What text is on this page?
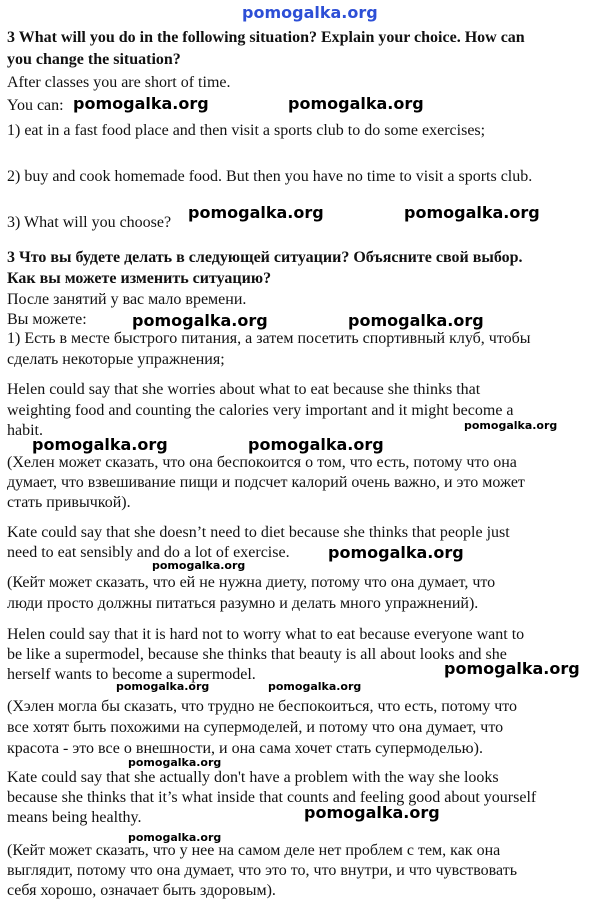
pomogalka.org
pomogalka.org	pomogalka.org
pomogalka.org	pomogalka.org
pomogalka.org	pomogalka.org
pomogalka.org
pomogalka.org	pomogalka.org
pomogalka.org
pomogalka.org
pomogalka.org
pomogalka.org	pomogalka.org
pomogalka.org
pomogalka.org
pomogalka.org
3 What will you do in the following situation? Explain your choice. How can
you change the situation?
After classes you are short of time.
You can:
1) eat in a fast food place and then visit a sports club to do some exercises;
2) buy and cook homemade food. But then you have no time to visit a sports club.
3) What will you choose?
3 Что вы будете делать в следующей ситуации? Объясните свой выбор.
Как вы можете изменить ситуацию?
После занятий у вас мало времени.
Вы можете:
1) Есть в месте быстрого питания, а затем посетить спортивный клуб, чтобы
сделать некоторые упражнения;
Helen could say that she worries about what to eat because she thinks that
weighting food and counting the calories very important and it might become a
habit.
(Хелен может сказать, что она беспокоится о том, что есть, потому что она
думает, что взвешивание пищи и подсчет калорий очень важно, и это может
стать привычкой).
Kate could say that she doesn’t need to diet because she thinks that people just
need to eat sensibly and do a lot of exercise.
(Кейт может сказать, что ей не нужна диету, потому что она думает, что
люди просто должны питаться разумно и делать много упражнений).
Helen could say that it is hard not to worry what to eat because everyone want to
be like a supermodel, because she thinks that beauty is all about looks and she
herself wants to become a supermodel.
(Хэлен могла бы сказать, что трудно не беспокоиться, что есть, потому что
все хотят быть похожими на супермоделей, и потому что она думает, что
красота - это все о внешности, и она сама хочет стать супермоделью).
Kate could say that she actually don't have a problem with the way she looks
because she thinks that it’s what inside that counts and feeling good about yourself
means being healthy.
(Кейт может сказать, что у нее на самом деле нет проблем с тем, как она
выглядит, потому что она думает, что это то, что внутри, и что чувствовать
себя хорошо, означает быть здоровым).
